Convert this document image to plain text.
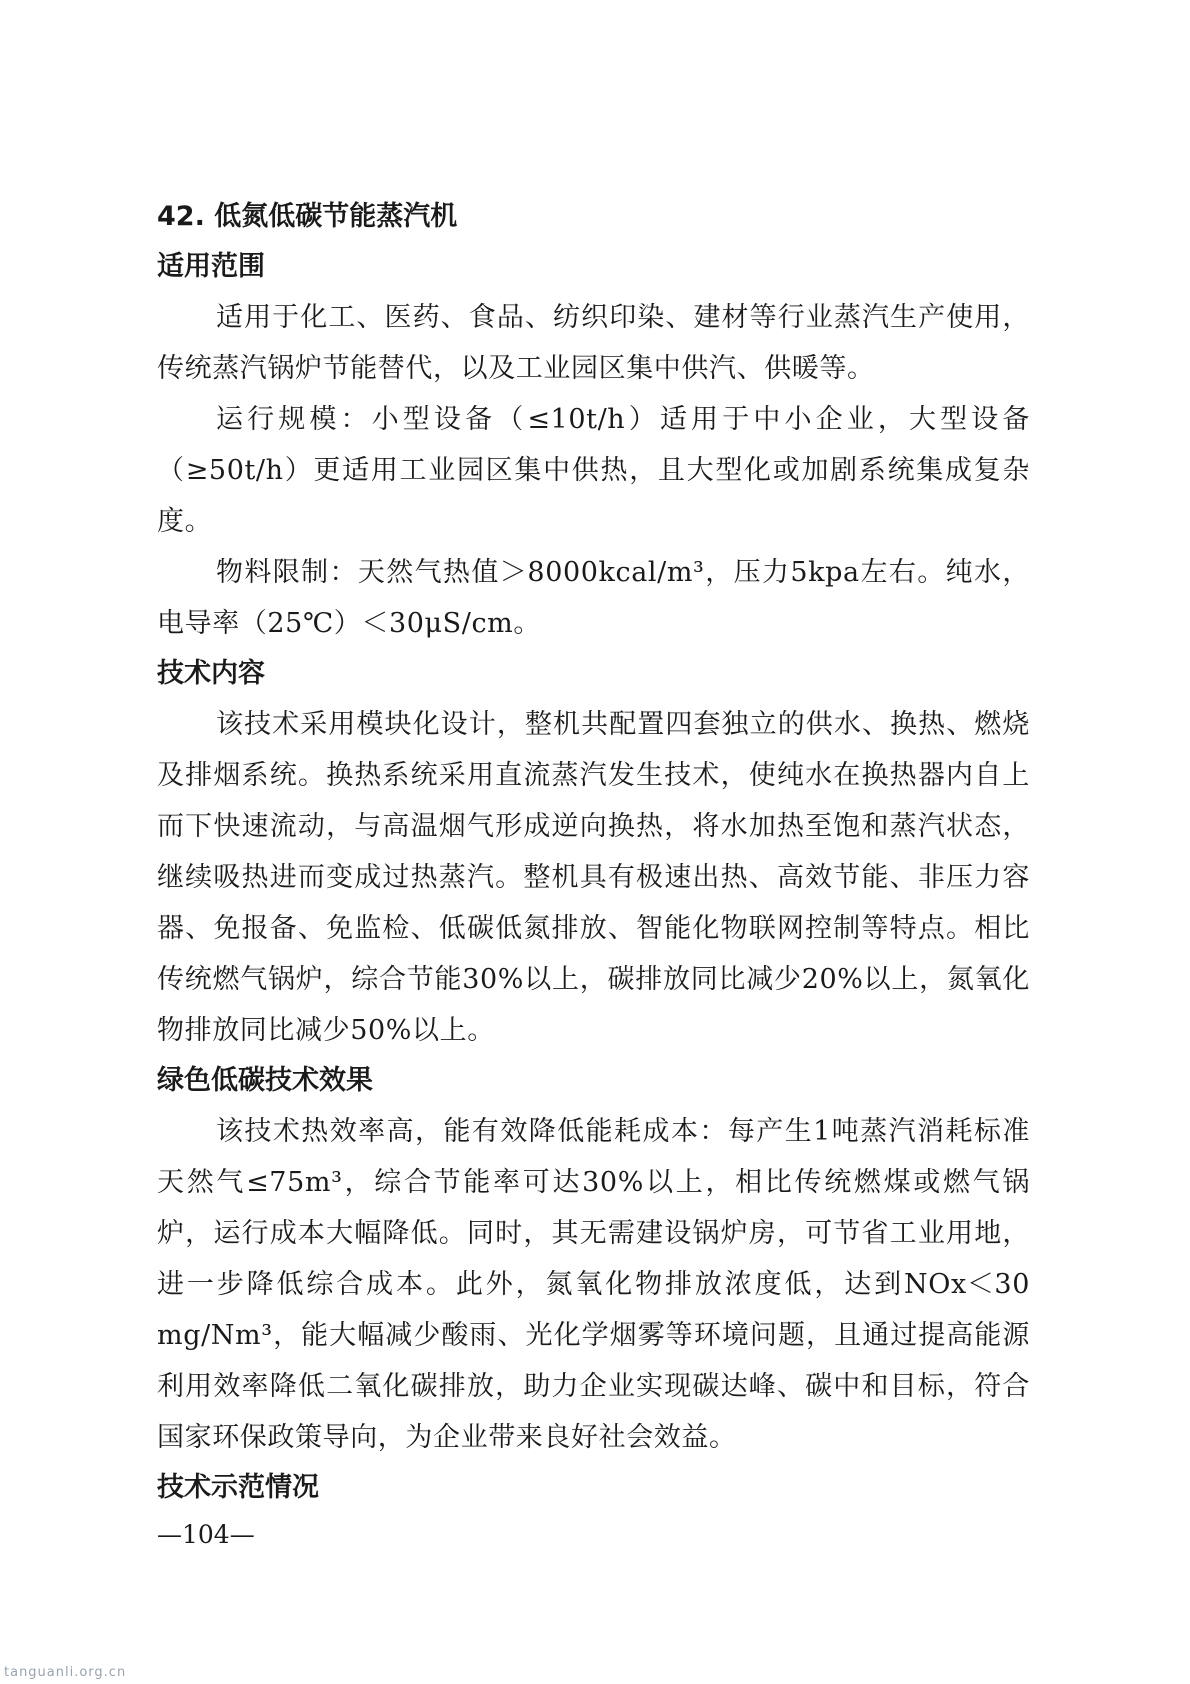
42. 低氮低碳节能蒸汽机
适用范围

适用于化工、医药、食品、纺织印染、建材等行业蒸汽生产使用，传统蒸汽锅炉节能替代，以及工业园区集中供汽、供暖等。

运行规模：小型设备（≤10t/h）适用于中小企业，大型设备（≥50t/h）更适用工业园区集中供热，且大型化或加剧系统集成复杂度。

物料限制：天然气热值＞8000kcal/m³，压力5kpa左右。纯水，电导率（25℃）＜30μS/cm。

技术内容

该技术采用模块化设计，整机共配置四套独立的供水、换热、燃烧及排烟系统。换热系统采用直流蒸汽发生技术，使纯水在换热器内自上而下快速流动，与高温烟气形成逆向换热，将水加热至饱和蒸汽状态，继续吸热进而变成过热蒸汽。整机具有极速出热、高效节能、非压力容器、免报备、免监检、低碳低氮排放、智能化物联网控制等特点。相比传统燃气锅炉，综合节能30%以上，碳排放同比减少20%以上，氮氧化物排放同比减少50%以上。

绿色低碳技术效果

该技术热效率高，能有效降低能耗成本：每产生1吨蒸汽消耗标准天然气≤75m³，综合节能率可达30%以上，相比传统燃煤或燃气锅炉，运行成本大幅降低。同时，其无需建设锅炉房，可节省工业用地，进一步降低综合成本。此外，氮氧化物排放浓度低，达到NOx＜30 mg/Nm³，能大幅减少酸雨、光化学烟雾等环境问题，且通过提高能源利用效率降低二氧化碳排放，助力企业实现碳达峰、碳中和目标，符合国家环保政策导向，为企业带来良好社会效益。

技术示范情况
—104—
tanguanli.org.cn
